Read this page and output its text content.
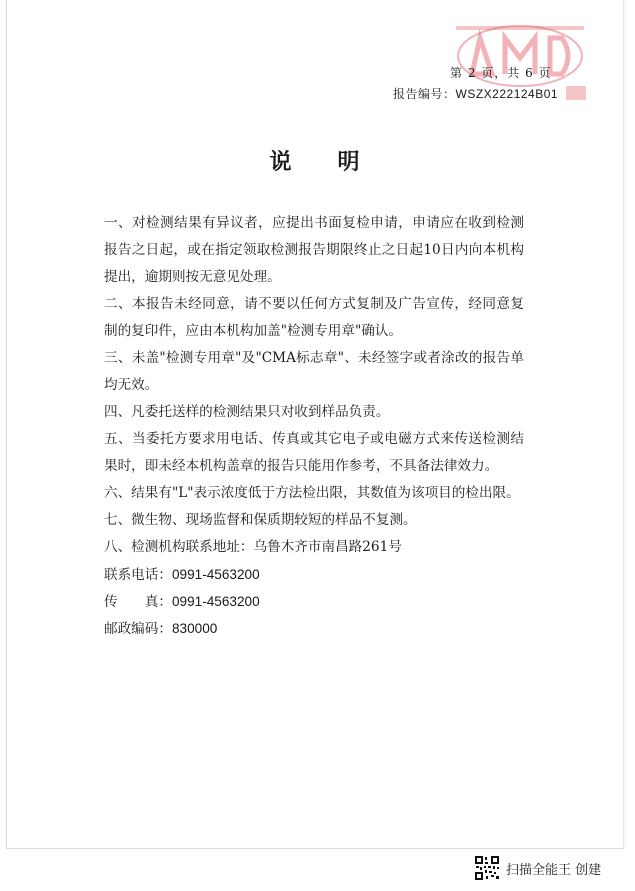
第 2 页，共 6 页
报告编号：WSZX222124B01
说明

一、对检测结果有异议者，应提出书面复检申请，申请应在收到检测报告之日起，或在指定领取检测报告期限终止之日起10日内向本机构提出，逾期则按无意见处理。

二、本报告未经同意，请不要以任何方式复制及广告宣传，经同意复制的复印件，应由本机构加盖"检测专用章"确认。

三、未盖"检测专用章"及"CMA标志章"、未经签字或者涂改的报告单均无效。

四、凡委托送样的检测结果只对收到样品负责。

五、当委托方要求用电话、传真或其它电子或电磁方式来传送检测结果时，即未经本机构盖章的报告只能用作参考，不具备法律效力。

六、结果有"L"表示浓度低于方法检出限，其数值为该项目的检出限。

七、微生物、现场监督和保质期较短的样品不复测。

八、检测机构联系地址：乌鲁木齐市南昌路261号

联系电话：0991-4563200
传　　真：0991-4563200
邮政编码：830000
扫描全能王 创建
